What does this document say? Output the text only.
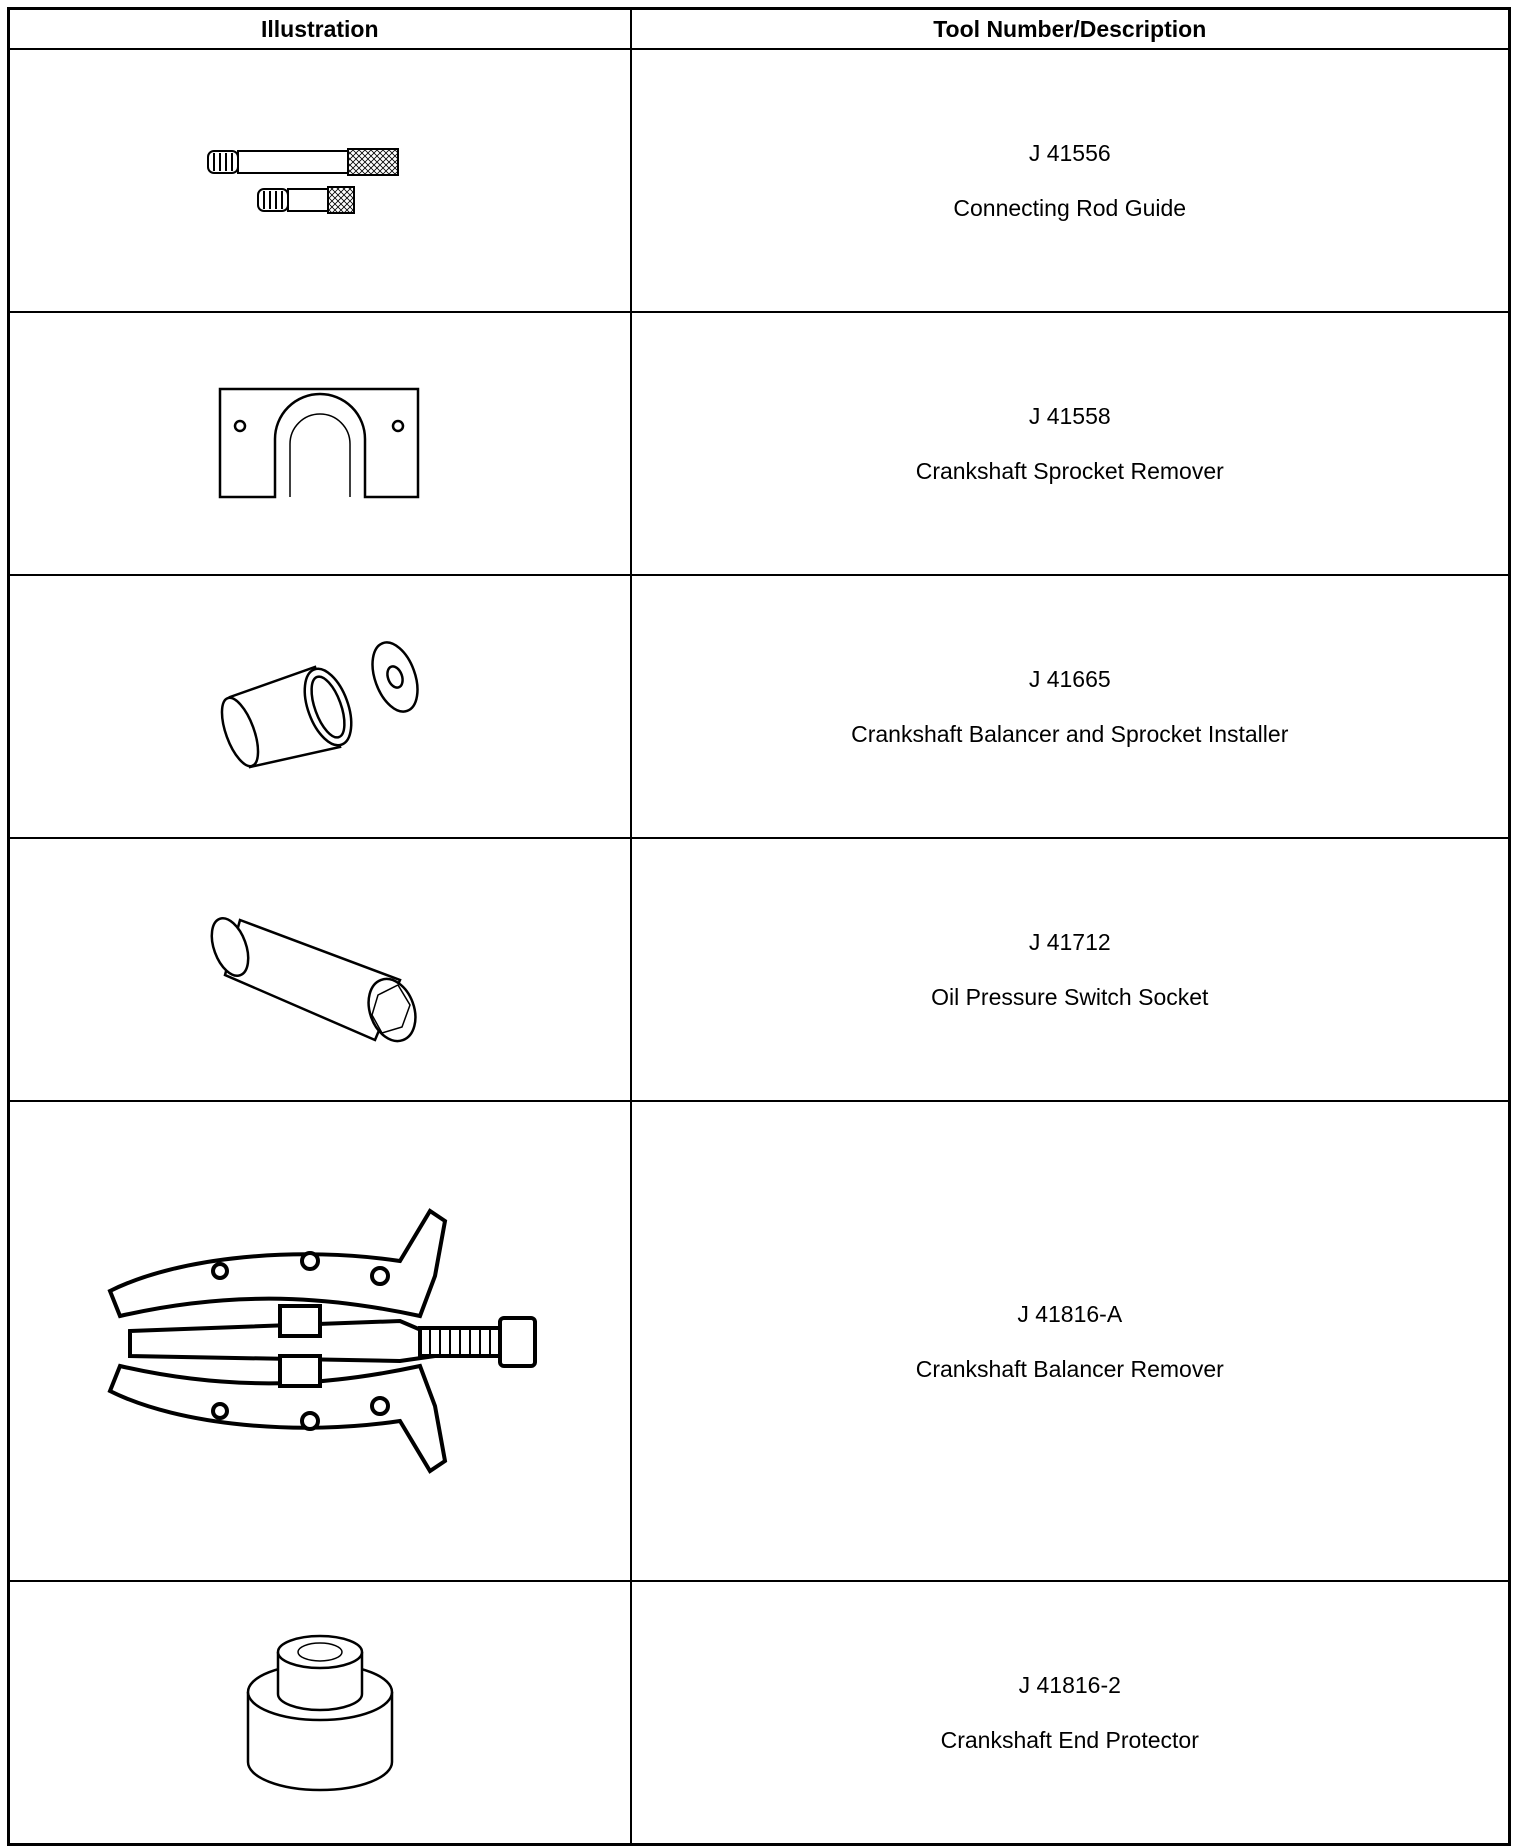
Illustration	Tool Number/Description

J 41556
Connecting Rod Guide

J 41558
Crankshaft Sprocket Remover

J 41665
Crankshaft Balancer and Sprocket Installer

J 41712
Oil Pressure Switch Socket

J 41816-A
Crankshaft Balancer Remover

J 41816-2
Crankshaft End Protector
